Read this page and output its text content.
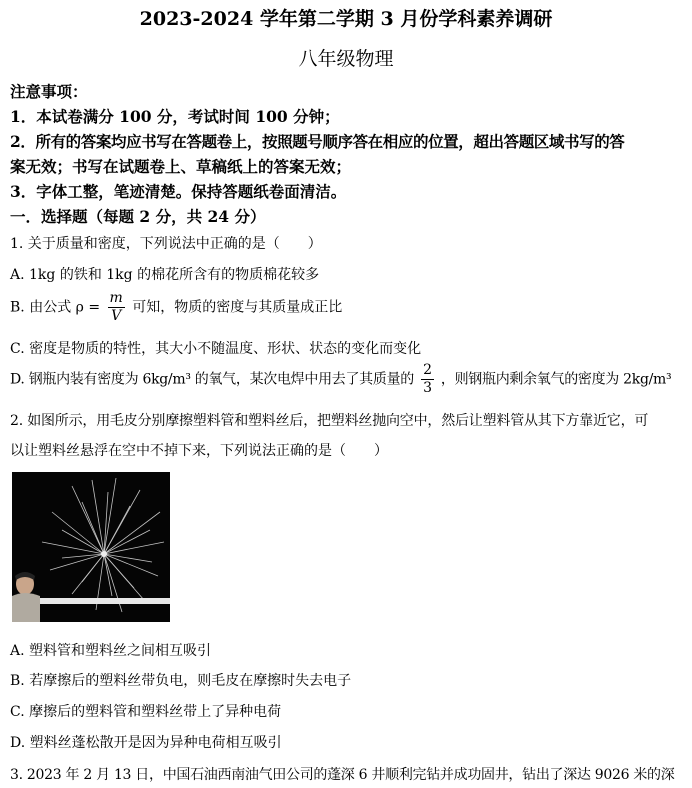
2023-2024 学年第二学期 3 月份学科素养调研
八年级物理
注意事项：
1．本试卷满分 100 分，考试时间 100 分钟；
2．所有的答案均应书写在答题卷上，按照题号顺序答在相应的位置，超出答题区域书写的答
案无效；书写在试题卷上、草稿纸上的答案无效；
3．字体工整，笔迹清楚。保持答题纸卷面清洁。
一．选择题（每题 2 分，共 24 分）
1. 关于质量和密度，下列说法中正确的是（　　）
A. 1kg 的铁和 1kg 的棉花所含有的物质棉花较多
B. 由公式 $\rho = \frac{m}{V}$ 可知，物质的密度与其质量成正比
C. 密度是物质的特性，其大小不随温度、形状、状态的变化而变化
D. 钢瓶内装有密度为 6kg/m³ 的氧气，某次电焊中用去了其质量的 $\frac{2}{3}$ ，则钢瓶内剩余氧气的密度为 2kg/m³
2. 如图所示，用毛皮分别摩擦塑料管和塑料丝后，把塑料丝抛向空中，然后让塑料管从其下方靠近它，可
以让塑料丝悬浮在空中不掉下来，下列说法正确的是（　　）
A. 塑料管和塑料丝之间相互吸引
B. 若摩擦后的塑料丝带负电，则毛皮在摩擦时失去电子
C. 摩擦后的塑料管和塑料丝带上了异种电荷
D. 塑料丝蓬松散开是因为异种电荷相互吸引
3. 2023 年 2 月 13 日，中国石油西南油气田公司的蓬深 6 井顺利完钻并成功固井，钻出了深达 9026 米的深
